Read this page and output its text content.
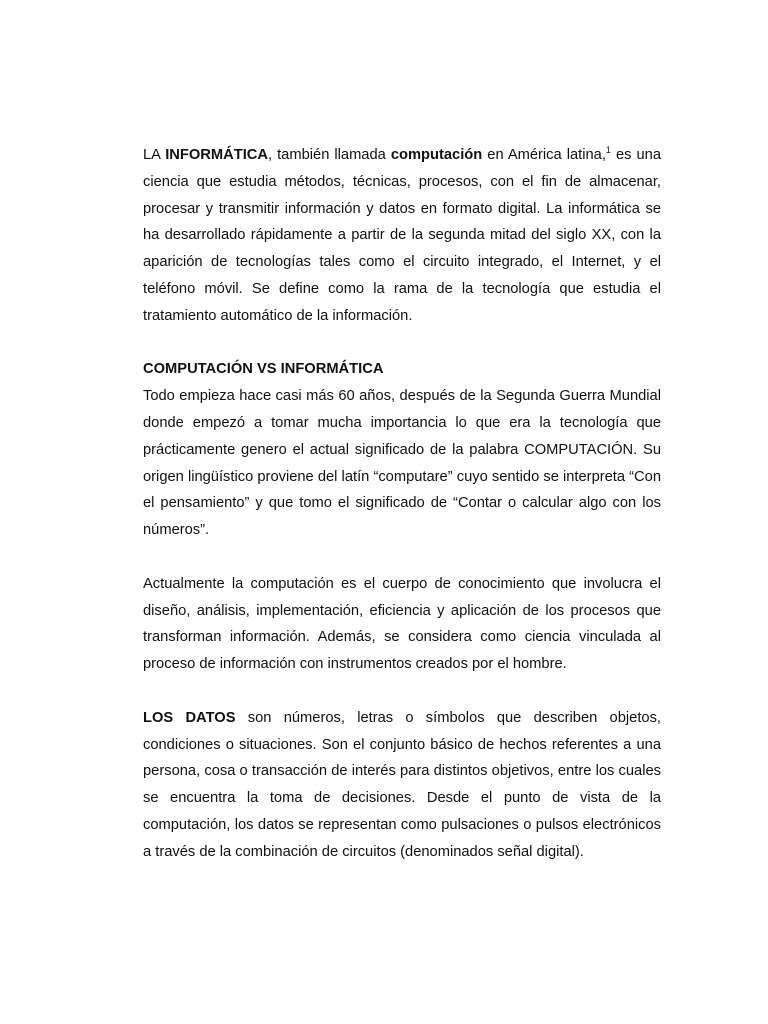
LA INFORMÁTICA, también llamada computación en América latina,$^1$ es una ciencia que estudia métodos, técnicas, procesos, con el fin de almacenar, procesar y transmitir información y datos en formato digital. La informática se ha desarrollado rápidamente a partir de la segunda mitad del siglo XX, con la aparición de tecnologías tales como el circuito integrado, el Internet, y el teléfono móvil. Se define como la rama de la tecnología que estudia el tratamiento automático de la información.

COMPUTACIÓN VS INFORMÁTICA

Todo empieza hace casi más 60 años, después de la Segunda Guerra Mundial donde empezó a tomar mucha importancia lo que era la tecnología que prácticamente genero el actual significado de la palabra COMPUTACIÓN. Su origen lingüístico proviene del latín “computare” cuyo sentido se interpreta “Con el pensamiento” y que tomo el significado de “Contar o calcular algo con los números”.

Actualmente la computación es el cuerpo de conocimiento que involucra el diseño, análisis, implementación, eficiencia y aplicación de los procesos que transforman información. Además, se considera como ciencia vinculada al proceso de información con instrumentos creados por el hombre.

LOS DATOS son números, letras o símbolos que describen objetos, condiciones o situaciones. Son el conjunto básico de hechos referentes a una persona, cosa o transacción de interés para distintos objetivos, entre los cuales se encuentra la toma de decisiones. Desde el punto de vista de la computación, los datos se representan como pulsaciones o pulsos electrónicos a través de la combinación de circuitos (denominados señal digital).
